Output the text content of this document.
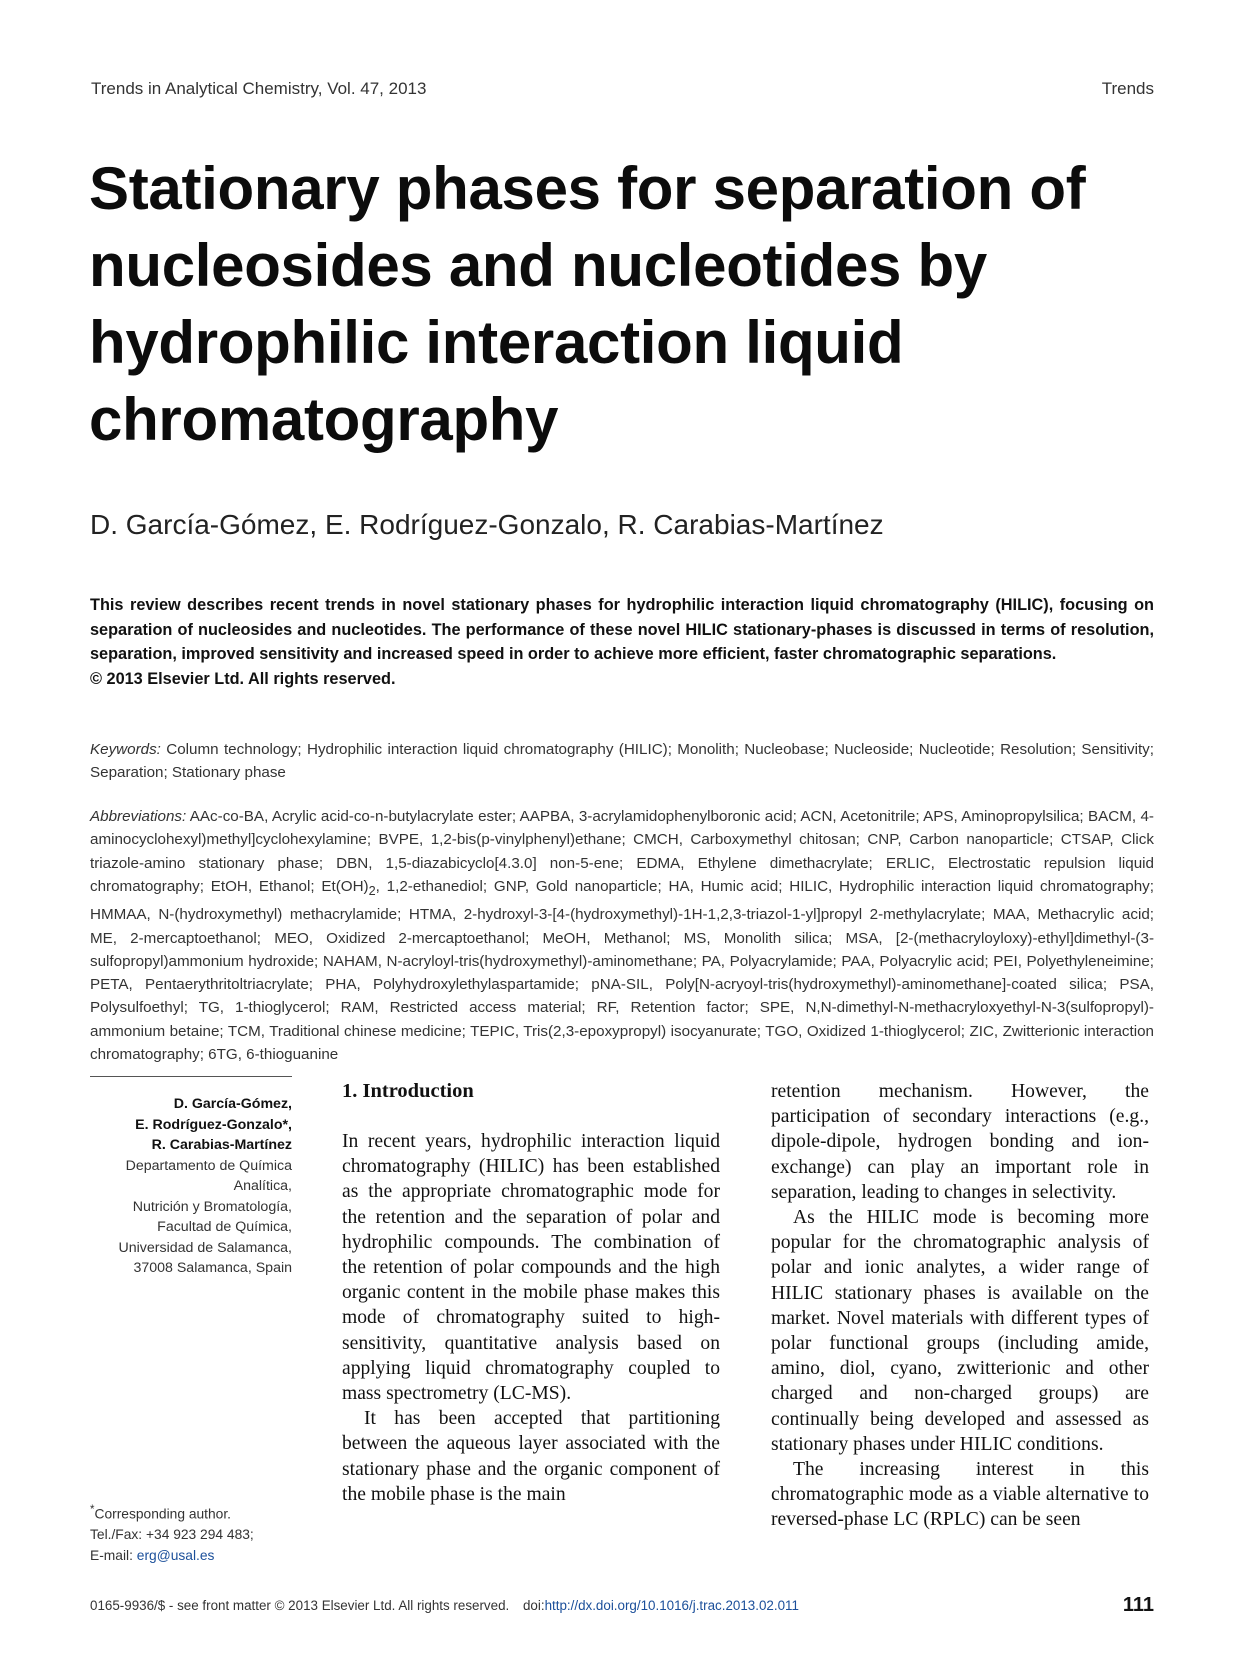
Trends in Analytical Chemistry, Vol. 47, 2013	Trends
Stationary phases for separation of nucleosides and nucleotides by hydrophilic interaction liquid chromatography
D. García-Gómez, E. Rodríguez-Gonzalo, R. Carabias-Martínez

This review describes recent trends in novel stationary phases for hydrophilic interaction liquid chromatography (HILIC), focusing on separation of nucleosides and nucleotides. The performance of these novel HILIC stationary-phases is discussed in terms of resolution, separation, improved sensitivity and increased speed in order to achieve more efficient, faster chromatographic separations.

© 2013 Elsevier Ltd. All rights reserved.

Keywords: Column technology; Hydrophilic interaction liquid chromatography (HILIC); Monolith; Nucleobase; Nucleoside; Nucleotide; Resolution; Sensitivity; Separation; Stationary phase
Abbreviations: AAc-co-BA, Acrylic acid-co-n-butylacrylate ester; AAPBA, 3-acrylamidophenylboronic acid; ACN, Acetonitrile; APS, Aminopropylsilica; BACM, 4-aminocyclohexyl)methyl]cyclohexylamine; BVPE, 1,2-bis(p-vinylphenyl)ethane; CMCH, Carboxymethyl chitosan; CNP, Carbon nanoparticle; CTSAP, Click triazole-amino stationary phase; DBN, 1,5-diazabicyclo[4.3.0] non-5-ene; EDMA, Ethylene dimethacrylate; ERLIC, Electrostatic repulsion liquid chromatography; EtOH, Ethanol; $Et(OH)_2$, 1,2-ethanediol; GNP, Gold nanoparticle; HA, Humic acid; HILIC, Hydrophilic interaction liquid chromatography; HMMAA, N-(hydroxymethyl) methacrylamide; HTMA, 2-hydroxyl-3-[4-(hydroxymethyl)-1H-1,2,3-triazol-1-yl]propyl 2-methylacrylate; MAA, Methacrylic acid; ME, 2-mercaptoethanol; MEO, Oxidized 2-mercaptoethanol; MeOH, Methanol; MS, Monolith silica; MSA, [2-(methacryloyloxy)-ethyl]dimethyl-(3-sulfopropyl)ammonium hydroxide; NAHAM, N-acryloyl-tris(hydroxymethyl)-aminomethane; PA, Polyacrylamide; PAA, Polyacrylic acid; PEI, Polyethyleneimine; PETA, Pentaerythritoltriacrylate; PHA, Polyhydroxylethylaspartamide; pNA-SIL, Poly[N-acryoyl-tris(hydroxymethyl)-aminomethane]-coated silica; PSA, Polysulfoethyl; TG, 1-thioglycerol; RAM, Restricted access material; RF, Retention factor; SPE, N,N-dimethyl-N-methacryloxyethyl-N-3(sulfopropyl)-ammonium betaine; TCM, Traditional chinese medicine; TEPIC, Tris(2,3-epoxypropyl) isocyanurate; TGO, Oxidized 1-thioglycerol; ZIC, Zwitterionic interaction chromatography; 6TG, 6-thioguanine
D. García-Gómez,
E. Rodríguez-Gonzalo*,
R. Carabias-Martínez
Departamento de Química
Analítica,
Nutrición y Bromatología,
Facultad de Química,
Universidad de Salamanca,
37008 Salamanca, Spain
*Corresponding author.
Tel./Fax: +34 923 294 483;
E-mail: erg@usal.es
1. Introduction

In recent years, hydrophilic interaction liquid chromatography (HILIC) has been established as the appropriate chromatographic mode for the retention and the separation of polar and hydrophilic compounds. The combination of the retention of polar compounds and the high organic content in the mobile phase makes this mode of chromatography suited to high-sensitivity, quantitative analysis based on applying liquid chromatography coupled to mass spectrometry (LC-MS).

It has been accepted that partitioning between the aqueous layer associated with the stationary phase and the organic component of the mobile phase is the main

retention mechanism. However, the participation of secondary interactions (e.g., dipole-dipole, hydrogen bonding and ion-exchange) can play an important role in separation, leading to changes in selectivity.

As the HILIC mode is becoming more popular for the chromatographic analysis of polar and ionic analytes, a wider range of HILIC stationary phases is available on the market. Novel materials with different types of polar functional groups (including amide, amino, diol, cyano, zwitterionic and other charged and non-charged groups) are continually being developed and assessed as stationary phases under HILIC conditions.

The increasing interest in this chromatographic mode as a viable alternative to reversed-phase LC (RPLC) can be seen

0165-9936/$ - see front matter © 2013 Elsevier Ltd. All rights reserved. doi:http://dx.doi.org/10.1016/j.trac.2013.02.011	111
